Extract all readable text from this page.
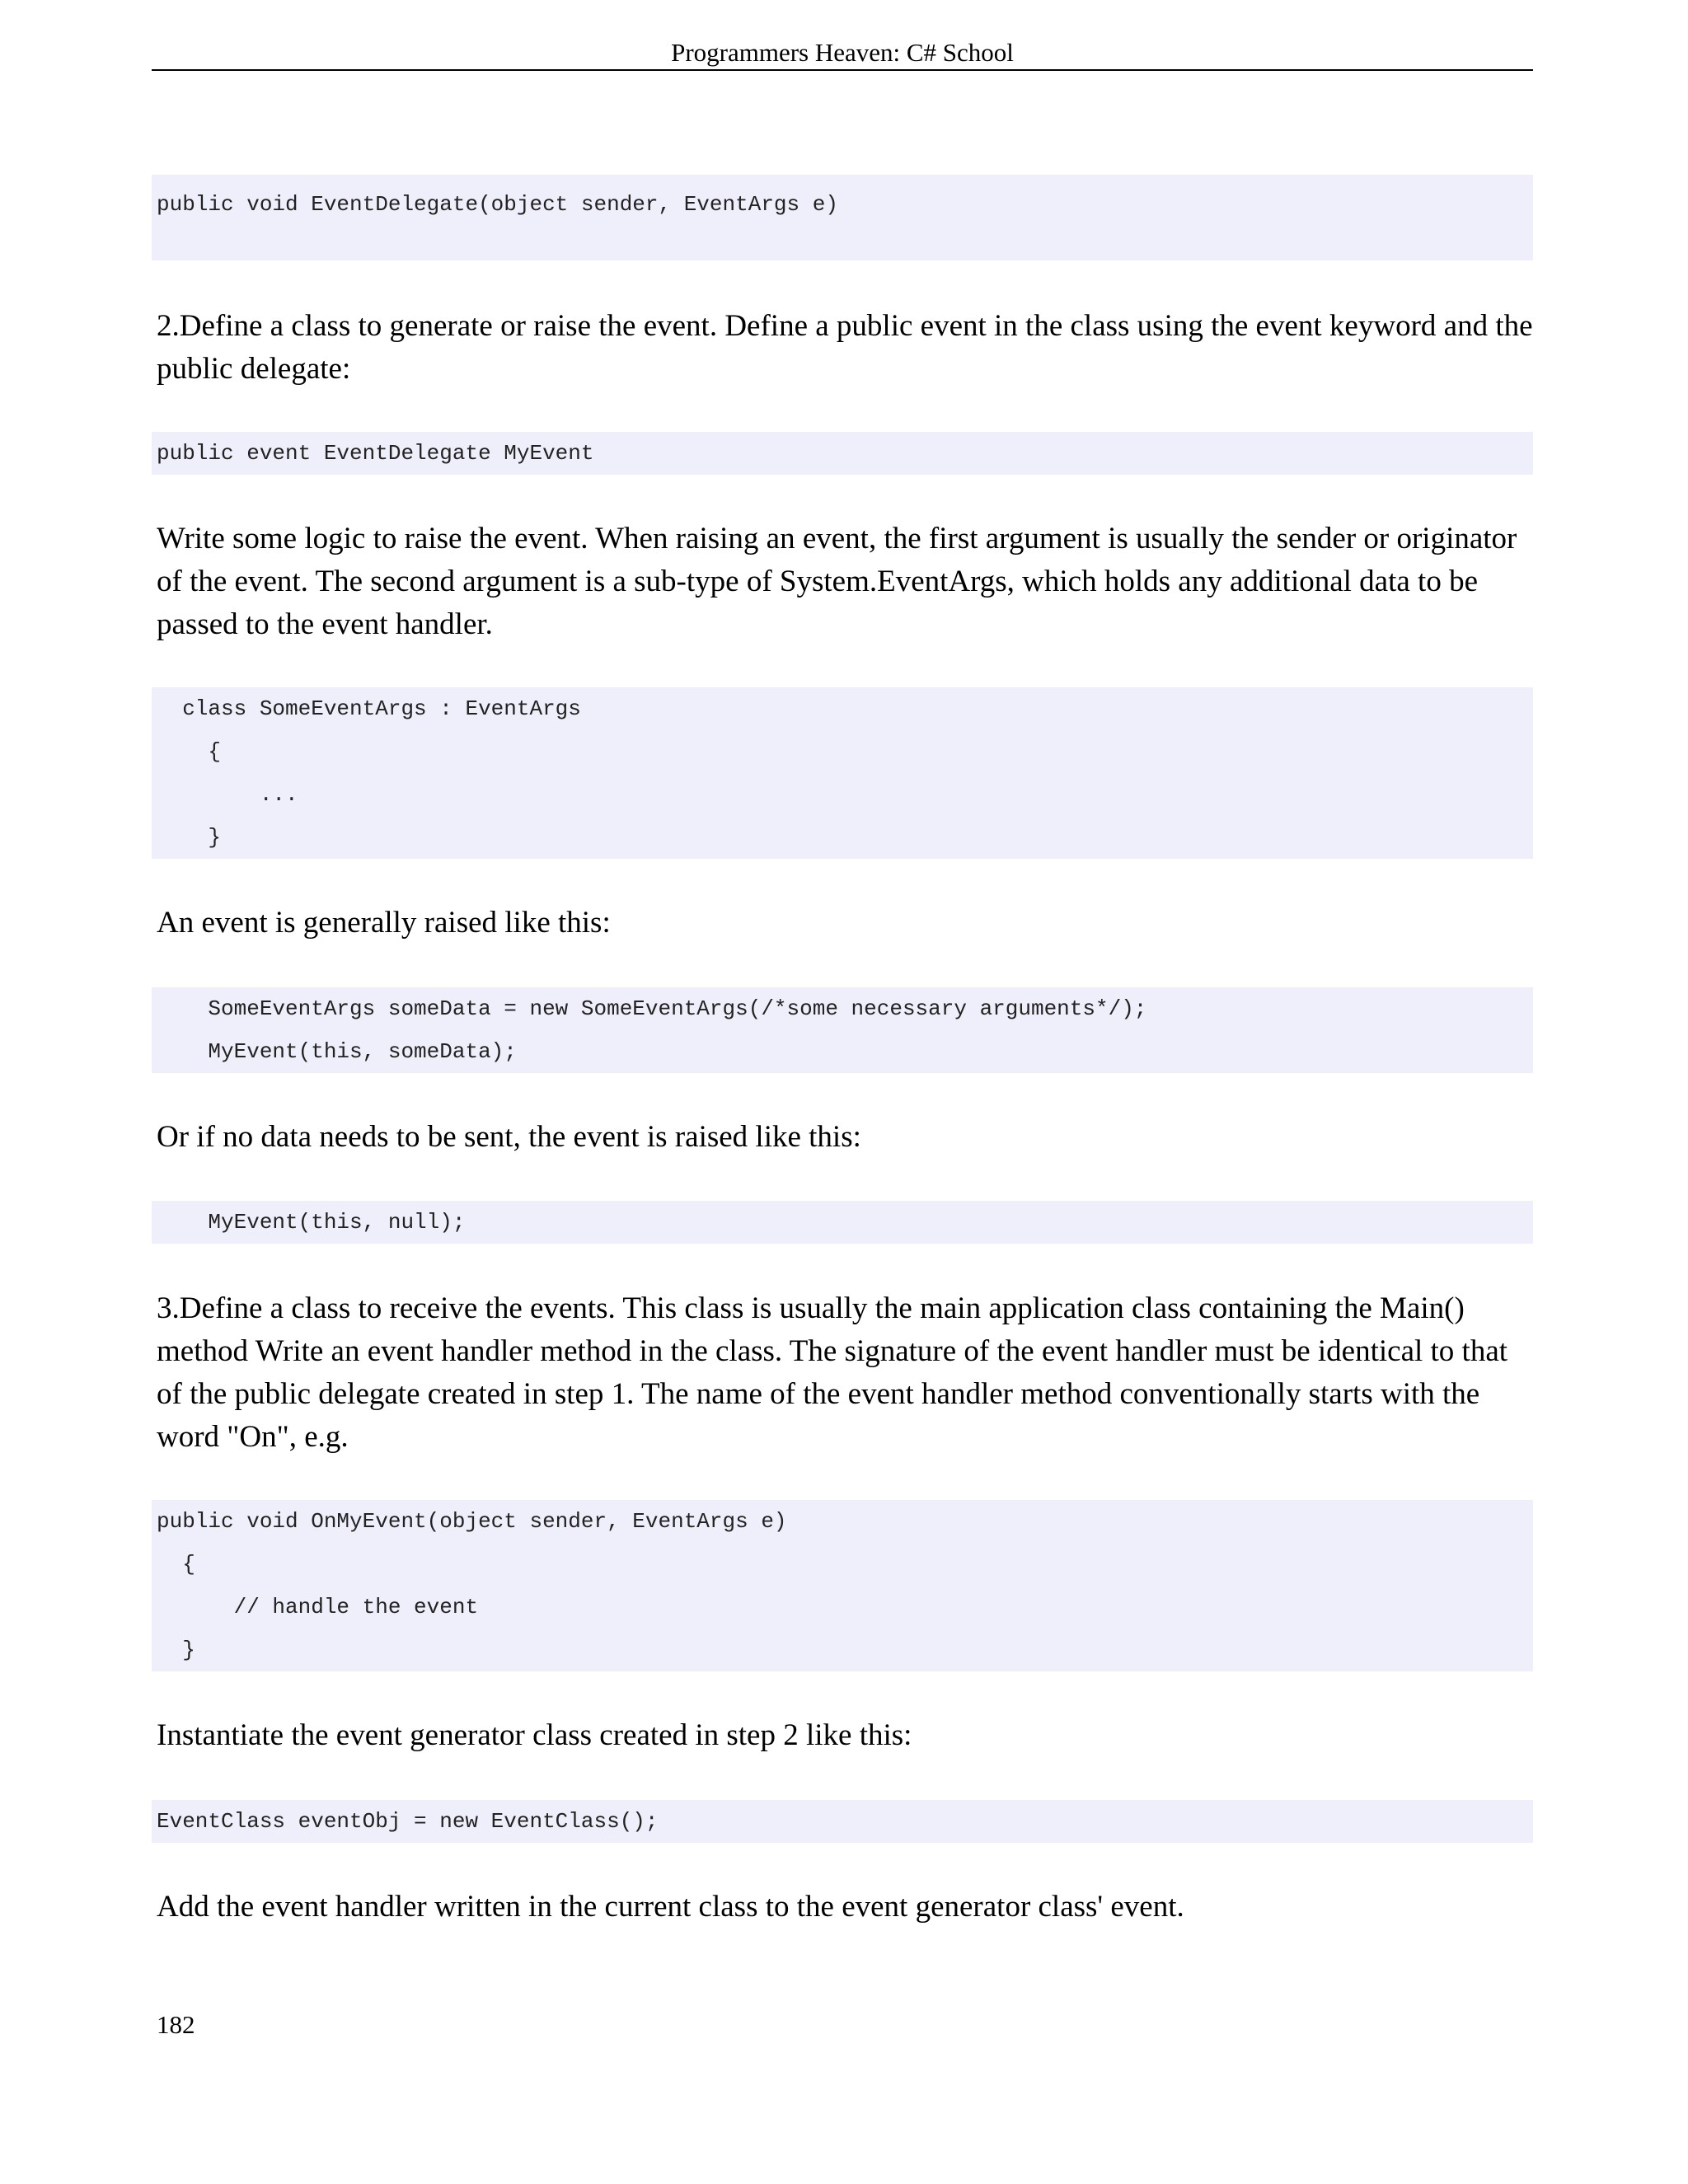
Programmers Heaven: C# School
public void EventDelegate(object sender, EventArgs e)

2.Define a class to generate or raise the event. Define a public event in the class using the event keyword and the public delegate:

public event EventDelegate MyEvent

Write some logic to raise the event. When raising an event, the first argument is usually the sender or originator of the event. The second argument is a sub-type of System.EventArgs, which holds any additional data to be passed to the event handler.

class SomeEventArgs : EventArgs
{
...
}

An event is generally raised like this:

SomeEventArgs someData = new SomeEventArgs(/*some necessary arguments*/);
MyEvent(this, someData);

Or if no data needs to be sent, the event is raised like this:

MyEvent(this, null);

3.Define a class to receive the events. This class is usually the main application class containing the Main() method Write an event handler method in the class. The signature of the event handler must be identical to that of the public delegate created in step 1. The name of the event handler method conventionally starts with the word "On", e.g.

public void OnMyEvent(object sender, EventArgs e)
{
// handle the event
}

Instantiate the event generator class created in step 2 like this:

EventClass eventObj = new EventClass();

Add the event handler written in the current class to the event generator class' event.

182
